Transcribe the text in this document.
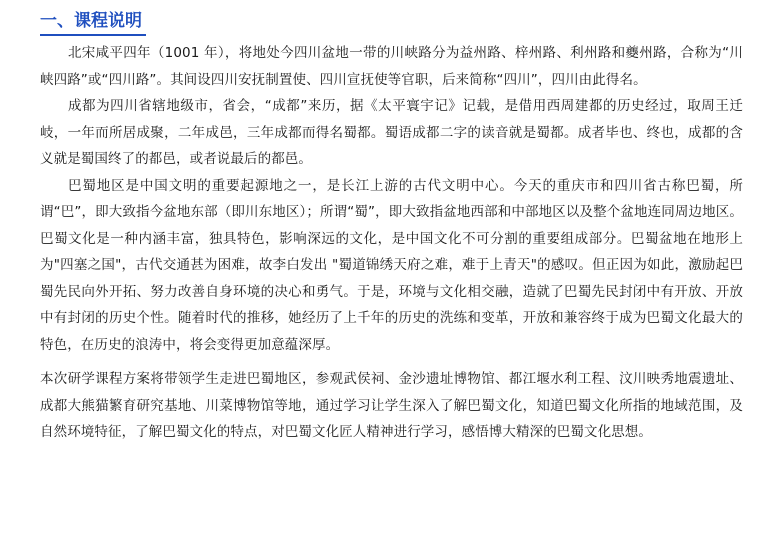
一、课程说明

北宋咸平四年（1001 年），将地处今四川盆地一带的川峡路分为益州路、梓州路、利州路和夔州路，合称为“川峡四路”或“四川路”。其间设四川安抚制置使、四川宣抚使等官职，后来简称“四川”，四川由此得名。

成都为四川省辖地级市，省会，“成都”来历，据《太平寰宇记》记载，是借用西周建都的历史经过，取周王迁岐，一年而所居成聚，二年成邑，三年成都而得名蜀都。蜀语成都二字的读音就是蜀都。成者毕也、终也，成都的含义就是蜀国终了的都邑，或者说最后的都邑。

巴蜀地区是中国文明的重要起源地之一，是长江上游的古代文明中心。今天的重庆市和四川省古称巴蜀，所谓“巴”，即大致指今盆地东部（即川东地区）；所谓“蜀”，即大致指盆地西部和中部地区以及整个盆地连同周边地区。巴蜀文化是一种内涵丰富，独具特色，影响深远的文化，是中国文化不可分割的重要组成部分。巴蜀盆地在地形上为"四塞之国"，古代交通甚为困难，故李白发出 "蜀道锦绣天府之难，难于上青天"的感叹。但正因为如此，激励起巴蜀先民向外开拓、努力改善自身环境的决心和勇气。于是，环境与文化相交融，造就了巴蜀先民封闭中有开放、开放中有封闭的历史个性。随着时代的推移，她经历了上千年的历史的洗练和变革，开放和兼容终于成为巴蜀文化最大的特色，在历史的浪涛中，将会变得更加意蕴深厚。

本次研学课程方案将带领学生走进巴蜀地区，参观武侯祠、金沙遗址博物馆、都江堰水利工程、汶川映秀地震遗址、成都大熊猫繁育研究基地、川菜博物馆等地，通过学习让学生深入了解巴蜀文化，知道巴蜀文化所指的地域范围，及自然环境特征，了解巴蜀文化的特点，对巴蜀文化匠人精神进行学习，感悟博大精深的巴蜀文化思想。
